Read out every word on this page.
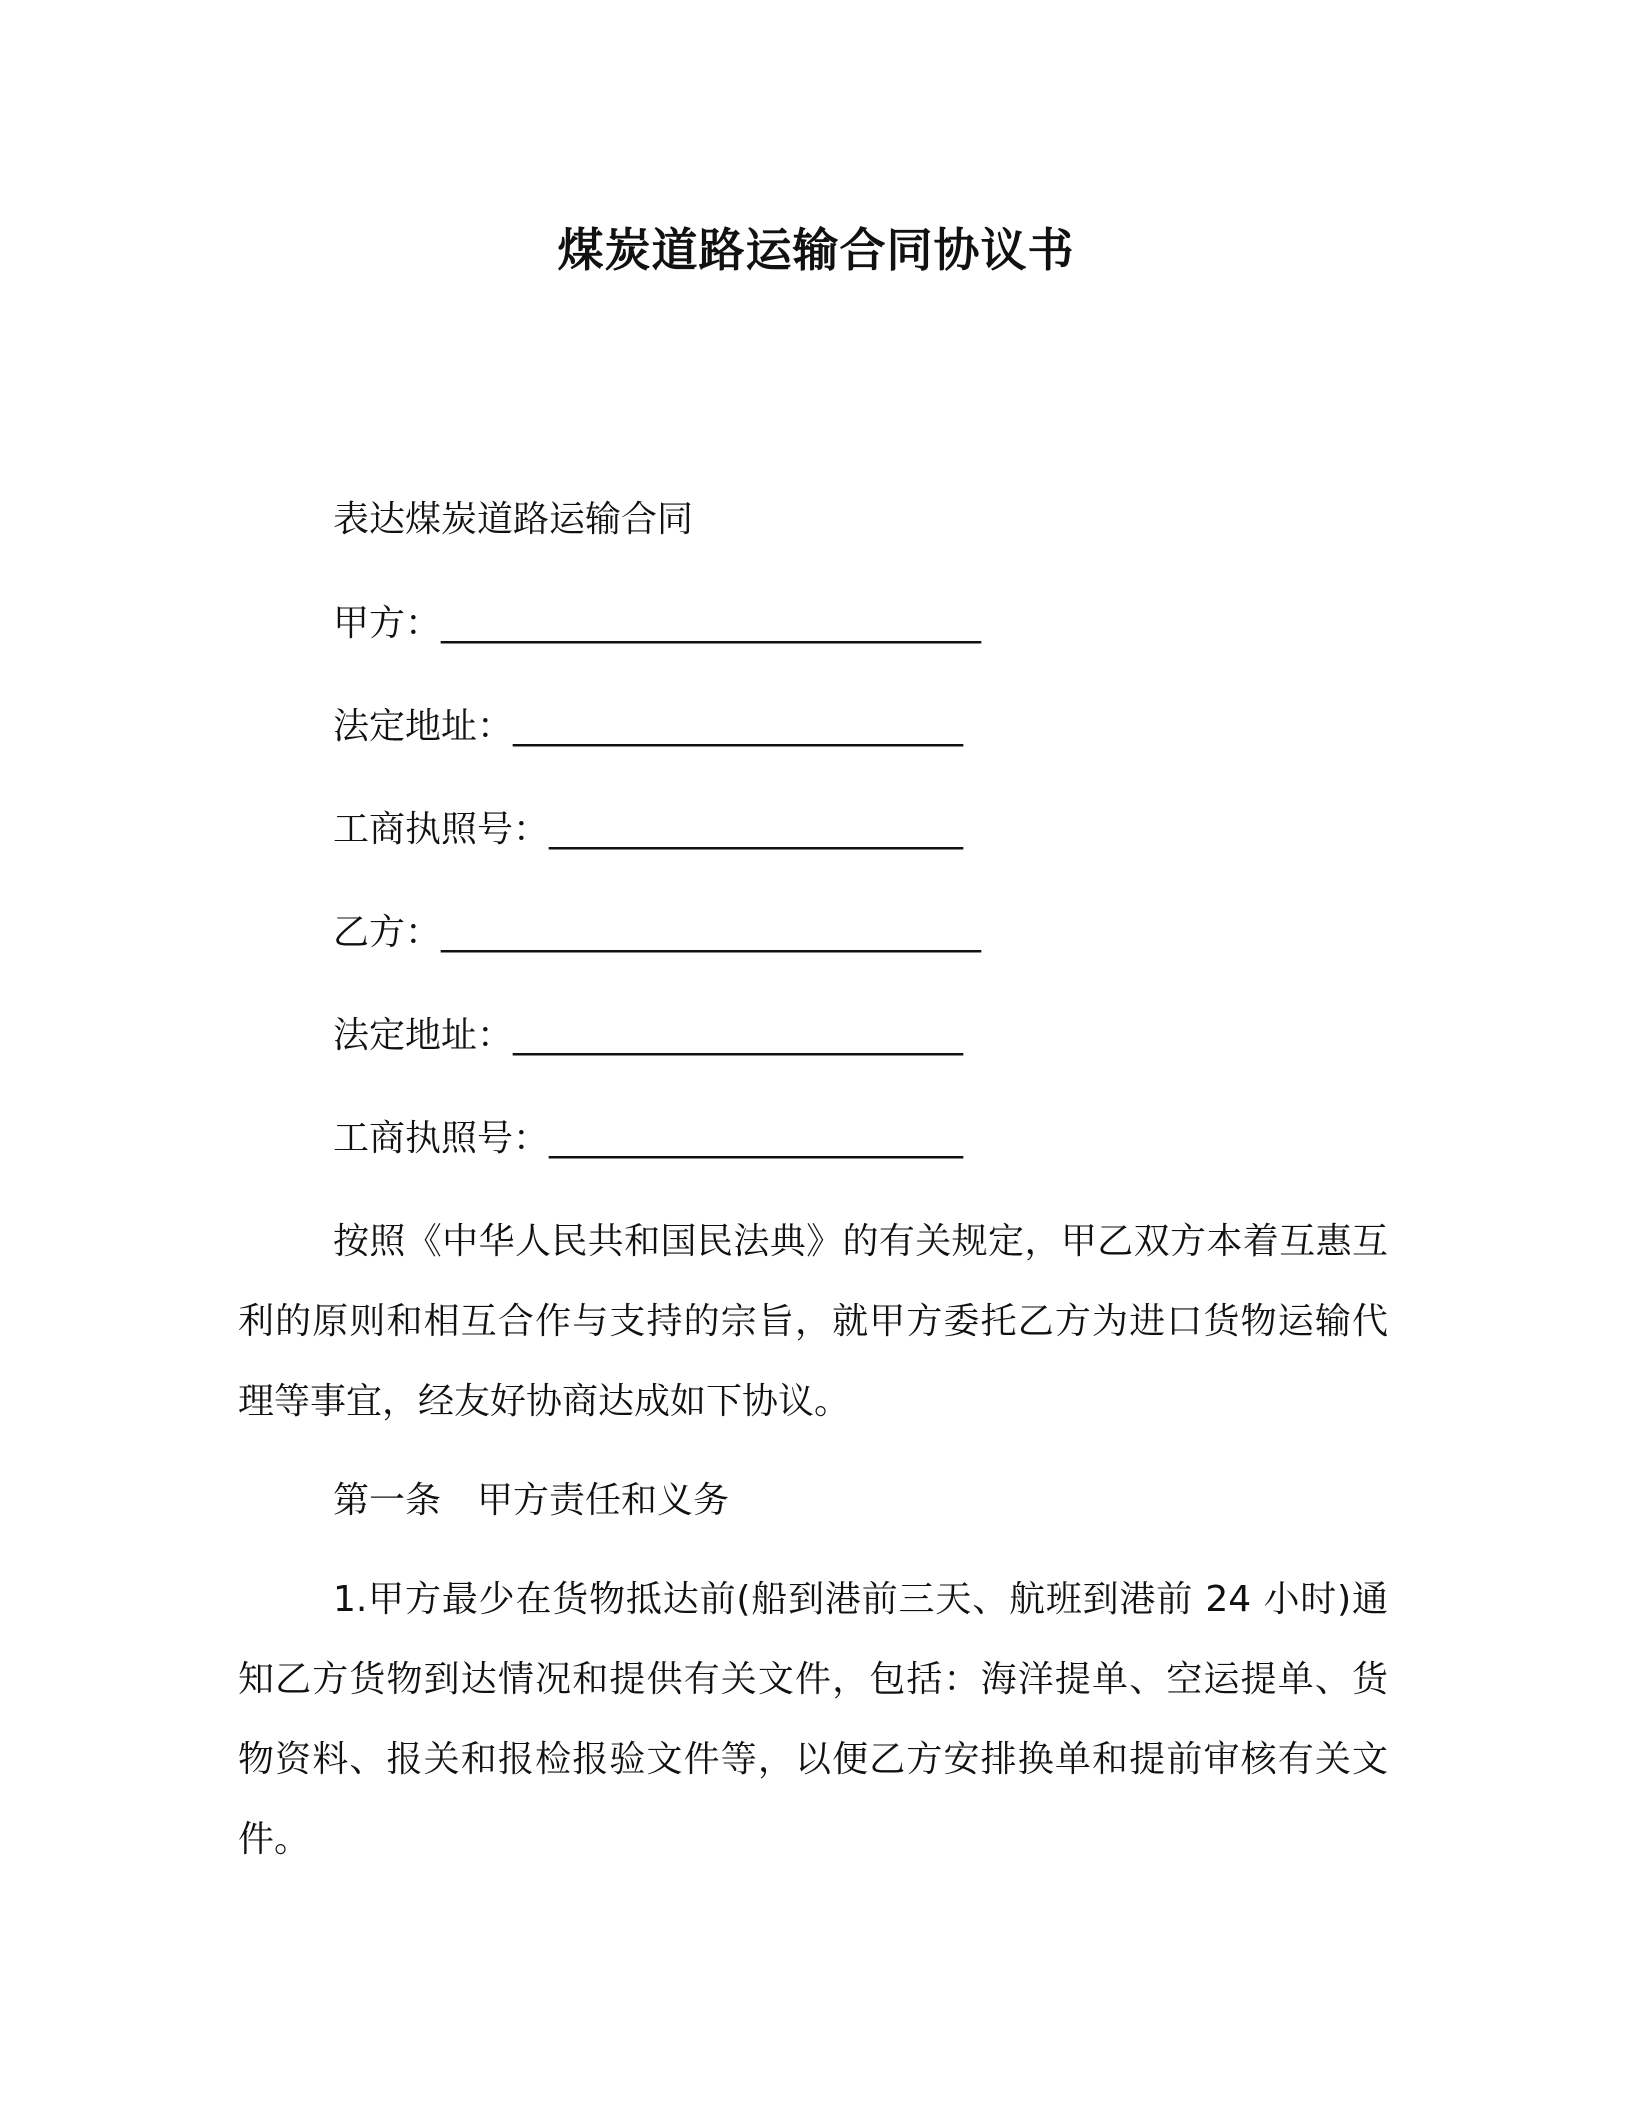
煤炭道路运输合同协议书
表达煤炭道路运输合同
甲方：______________________________
法定地址：_________________________
工商执照号：_______________________
乙方：______________________________
法定地址：_________________________
工商执照号：_______________________
按照《中华人民共和国民法典》的有关规定，甲乙双方本着互惠互利的原则和相互合作与支持的宗旨，就甲方委托乙方为进口货物运输代理等事宜，经友好协商达成如下协议。
第一条　甲方责任和义务
1.甲方最少在货物抵达前(船到港前三天、航班到港前 24 小时)通知乙方货物到达情况和提供有关文件，包括：海洋提单、空运提单、货物资料、报关和报检报验文件等，以便乙方安排换单和提前审核有关文件。
